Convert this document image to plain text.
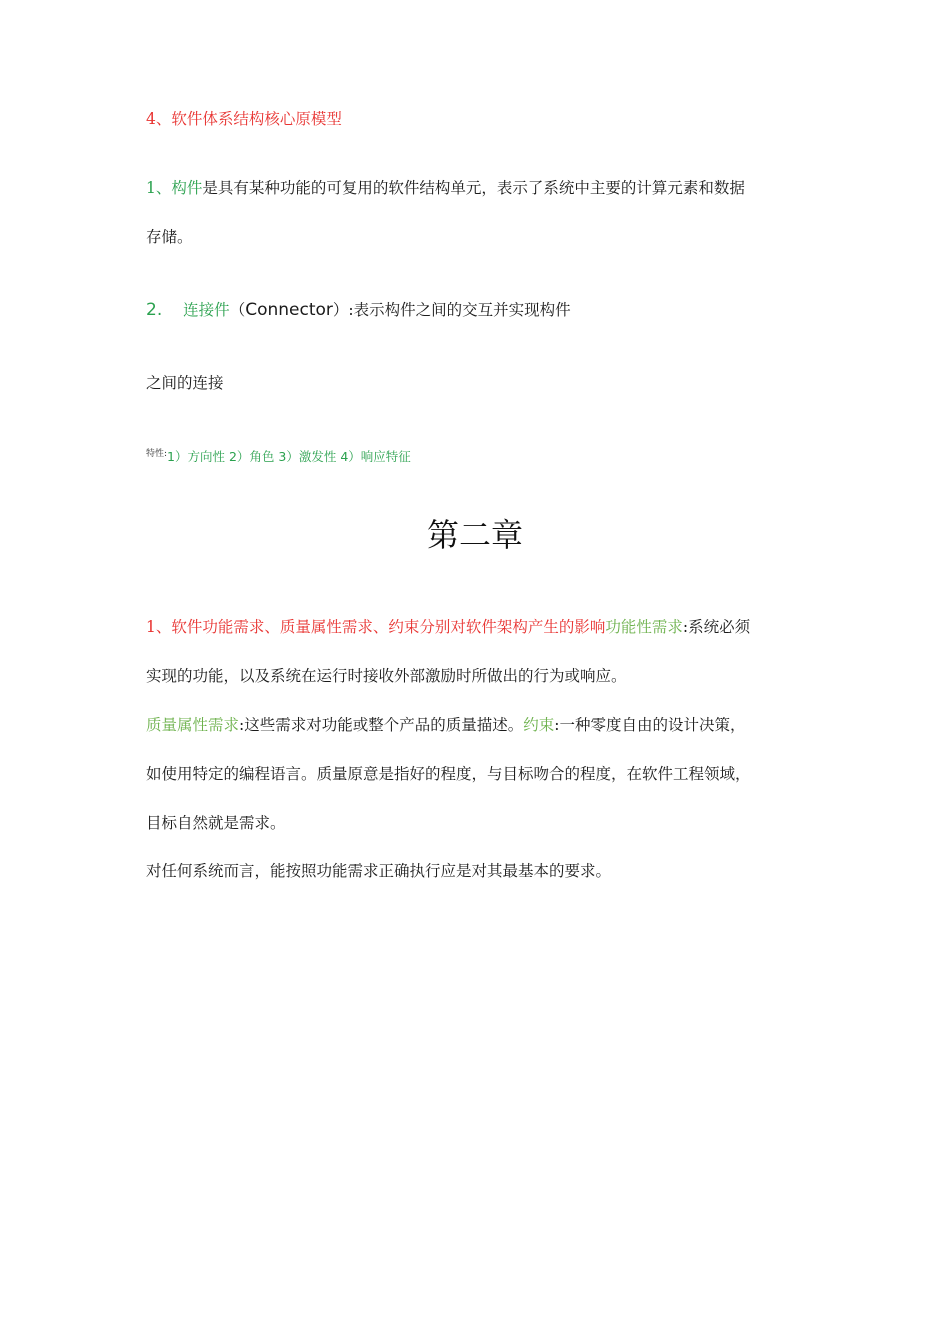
4、软件体系结构核心原模型
1、构件是具有某种功能的可复用的软件结构单元，表示了系统中主要的计算元素和数据
存储。
2. 连接件（Connector）:表示构件之间的交互并实现构件
之间的连接
$^{特性:}$1）方向性 2）角色 3）激发性 4）响应特征
第二章
1、软件功能需求、质量属性需求、约束分别对软件架构产生的影响功能性需求:系统必须
实现的功能，以及系统在运行时接收外部激励时所做出的行为或响应。
质量属性需求:这些需求对功能或整个产品的质量描述。约束:一种零度自由的设计决策，
如使用特定的编程语言。质量原意是指好的程度，与目标吻合的程度，在软件工程领域，
目标自然就是需求。
对任何系统而言，能按照功能需求正确执行应是对其最基本的要求。
